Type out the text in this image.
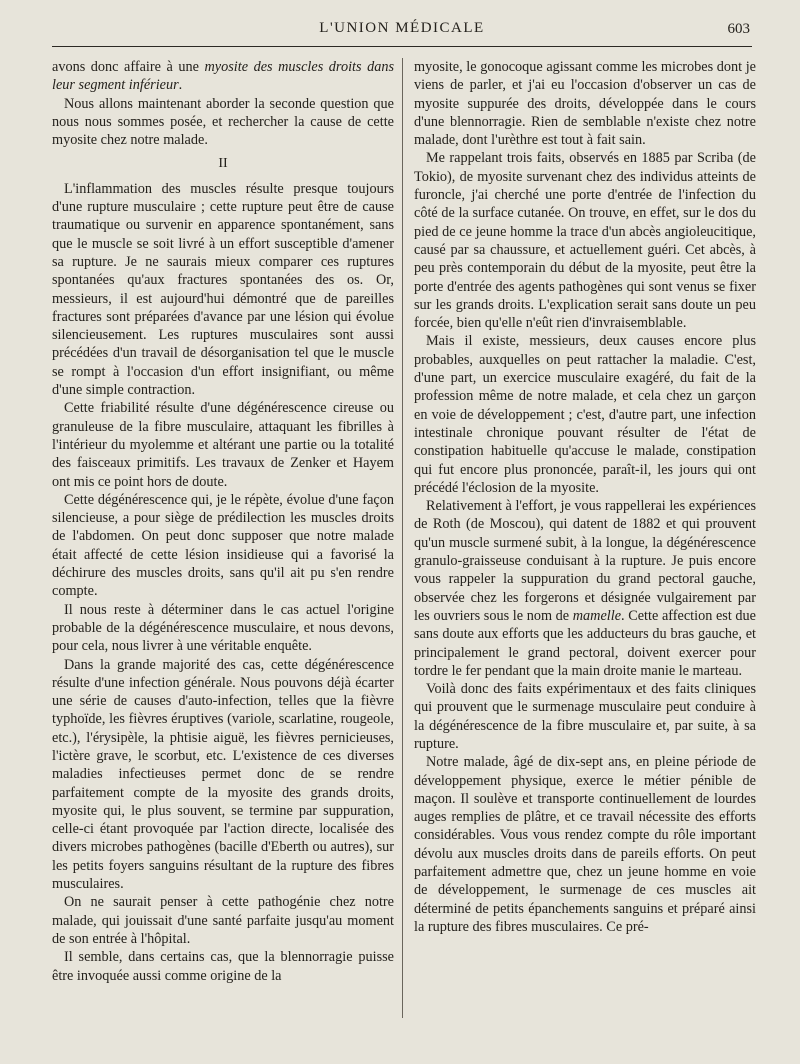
L'UNION MÉDICALE	603

avons donc affaire à une myosite des muscles droits dans leur segment inférieur.

Nous allons maintenant aborder la seconde question que nous nous sommes posée, et rechercher la cause de cette myosite chez notre malade.

II

L'inflammation des muscles résulte presque toujours d'une rupture musculaire ; cette rupture peut être de cause traumatique ou survenir en apparence spontanément, sans que le muscle se soit livré à un effort susceptible d'amener sa rupture. Je ne saurais mieux comparer ces ruptures spontanées qu'aux fractures spontanées des os. Or, messieurs, il est aujourd'hui démontré que de pareilles fractures sont préparées d'avance par une lésion qui évolue silencieusement. Les ruptures musculaires sont aussi précédées d'un travail de désorganisation tel que le muscle se rompt à l'occasion d'un effort insignifiant, ou même d'une simple contraction.

Cette friabilité résulte d'une dégénérescence cireuse ou granuleuse de la fibre musculaire, attaquant les fibrilles à l'intérieur du myolemme et altérant une partie ou la totalité des faisceaux primitifs. Les travaux de Zenker et Hayem ont mis ce point hors de doute.

Cette dégénérescence qui, je le répète, évolue d'une façon silencieuse, a pour siège de prédilection les muscles droits de l'abdomen. On peut donc supposer que notre malade était affecté de cette lésion insidieuse qui a favorisé la déchirure des muscles droits, sans qu'il ait pu s'en rendre compte.

Il nous reste à déterminer dans le cas actuel l'origine probable de la dégénérescence musculaire, et nous devons, pour cela, nous livrer à une véritable enquête.

Dans la grande majorité des cas, cette dégénérescence résulte d'une infection générale. Nous pouvons déjà écarter une série de causes d'auto-infection, telles que la fièvre typhoïde, les fièvres éruptives (variole, scarlatine, rougeole, etc.), l'érysipèle, la phtisie aiguë, les fièvres pernicieuses, l'ictère grave, le scorbut, etc. L'existence de ces diverses maladies infectieuses permet donc de se rendre parfaitement compte de la myosite des grands droits, myosite qui, le plus souvent, se termine par suppuration, celle-ci étant provoquée par l'action directe, localisée des divers microbes pathogènes (bacille d'Eberth ou autres), sur les petits foyers sanguins résultant de la rupture des fibres musculaires.

On ne saurait penser à cette pathogénie chez notre malade, qui jouissait d'une santé parfaite jusqu'au moment de son entrée à l'hôpital.

Il semble, dans certains cas, que la blennorragie puisse être invoquée aussi comme origine de la

myosite, le gonocoque agissant comme les microbes dont je viens de parler, et j'ai eu l'occasion d'observer un cas de myosite suppurée des droits, développée dans le cours d'une blennorragie. Rien de semblable n'existe chez notre malade, dont l'urèthre est tout à fait sain.

Me rappelant trois faits, observés en 1885 par Scriba (de Tokio), de myosite survenant chez des individus atteints de furoncle, j'ai cherché une porte d'entrée de l'infection du côté de la surface cutanée. On trouve, en effet, sur le dos du pied de ce jeune homme la trace d'un abcès angioleucitique, causé par sa chaussure, et actuellement guéri. Cet abcès, à peu près contemporain du début de la myosite, peut être la porte d'entrée des agents pathogènes qui sont venus se fixer sur les grands droits. L'explication serait sans doute un peu forcée, bien qu'elle n'eût rien d'invraisemblable.

Mais il existe, messieurs, deux causes encore plus probables, auxquelles on peut rattacher la maladie. C'est, d'une part, un exercice musculaire exagéré, du fait de la profession même de notre malade, et cela chez un garçon en voie de développement ; c'est, d'autre part, une infection intestinale chronique pouvant résulter de l'état de constipation habituelle qu'accuse le malade, constipation qui fut encore plus prononcée, paraît-il, les jours qui ont précédé l'éclosion de la myosite.

Relativement à l'effort, je vous rappellerai les expériences de Roth (de Moscou), qui datent de 1882 et qui prouvent qu'un muscle surmené subit, à la longue, la dégénérescence granulo-graisseuse conduisant à la rupture. Je puis encore vous rappeler la suppuration du grand pectoral gauche, observée chez les forgerons et désignée vulgairement par les ouvriers sous le nom de mamelle. Cette affection est due sans doute aux efforts que les adducteurs du bras gauche, et principalement le grand pectoral, doivent exercer pour tordre le fer pendant que la main droite manie le marteau.

Voilà donc des faits expérimentaux et des faits cliniques qui prouvent que le surmenage musculaire peut conduire à la dégénérescence de la fibre musculaire et, par suite, à sa rupture.

Notre malade, âgé de dix-sept ans, en pleine période de développement physique, exerce le métier pénible de maçon. Il soulève et transporte continuellement de lourdes auges remplies de plâtre, et ce travail nécessite des efforts considérables. Vous vous rendez compte du rôle important dévolu aux muscles droits dans de pareils efforts. On peut parfaitement admettre que, chez un jeune homme en voie de développement, le surmenage de ces muscles ait déterminé de petits épanchements sanguins et préparé ainsi la rupture des fibres musculaires. Ce pré-
